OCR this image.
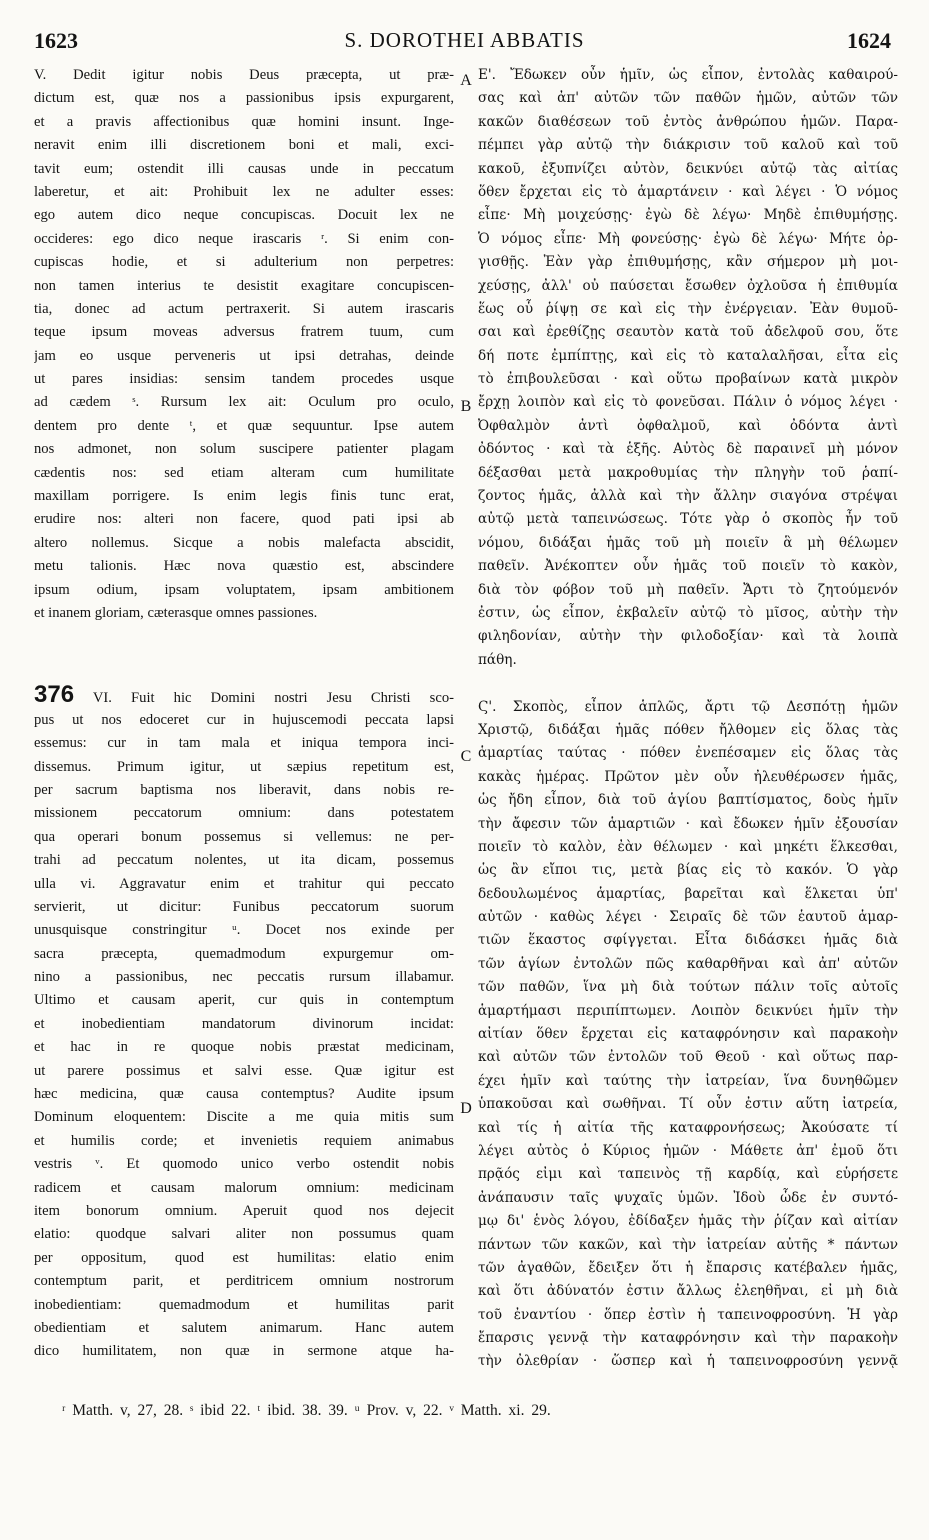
1623	S. DOROTHEI ABBATIS	1624
A
B
C
D
V. Dedit igitur nobis Deus præcepta, ut præ-
dictum est, quæ nos a passionibus ipsis expurgarent,
et a pravis affectionibus quæ homini insunt. Inge-
neravit enim illi discretionem boni et mali, exci-
tavit eum; ostendit illi causas unde in peccatum
laberetur, et ait: Prohibuit lex ne adulter esses:
ego autem dico neque concupiscas. Docuit lex ne
occideres: ego dico neque irascaris ʳ. Si enim con-
cupiscas hodie, et si adulterium non perpetres:
non tamen interius te desistit exagitare concupiscen-
tia, donec ad actum pertraxerit. Si autem irascaris
teque ipsum moveas adversus fratrem tuum, cum
jam eo usque perveneris ut ipsi detrahas, deinde
ut pares insidias: sensim tandem procedes usque
ad cædem ˢ. Rursum lex ait: Oculum pro oculo,
dentem pro dente ᵗ, et quæ sequuntur. Ipse autem
nos admonet, non solum suscipere patienter plagam
cædentis nos: sed etiam alteram cum humilitate
maxillam porrigere. Is enim legis finis tunc erat,
erudire nos: alteri non facere, quod pati ipsi ab
altero nollemus. Sicque a nobis malefacta abscidit,
metu talionis. Hæc nova quæstio est, abscindere
ipsum odium, ipsam voluptatem, ipsam ambitionem
et inanem gloriam, cæterasque omnes passiones.
376 VI. Fuit hic Domini nostri Jesu Christi sco-
pus ut nos edoceret cur in hujuscemodi peccata lapsi
essemus: cur in tam mala et iniqua tempora inci-
dissemus. Primum igitur, ut sæpius repetitum est,
per sacrum baptisma nos liberavit, dans nobis re-
missionem peccatorum omnium: dans potestatem
qua operari bonum possemus si vellemus: ne per-
trahi ad peccatum nolentes, ut ita dicam, possemus
ulla vi. Aggravatur enim et trahitur qui peccato
servierit, ut dicitur: Funibus peccatorum suorum
unusquisque constringitur ᵘ. Docet nos exinde per
sacra præcepta, quemadmodum expurgemur om-
nino a passionibus, nec peccatis rursum illabamur.
Ultimo et causam aperit, cur quis in contemptum
et inobedientiam mandatorum divinorum incidat:
et hac in re quoque nobis præstat medicinam,
ut parere possimus et salvi esse. Quæ igitur est
hæc medicina, quæ causa contemptus? Audite ipsum
Dominum eloquentem: Discite a me quia mitis sum
et humilis corde; et invenietis requiem animabus
vestris ᵛ. Et quomodo unico verbo ostendit nobis
radicem et causam malorum omnium: medicinam
item bonorum omnium. Aperuit quod nos dejecit
elatio: quodque salvari aliter non possumus quam
per oppositum, quod est humilitas: elatio enim
contemptum parit, et perditricem omnium nostrorum
inobedientiam: quemadmodum et humilitas parit
obedientiam et salutem animarum. Hanc autem
dico humilitatem, non quæ in sermone atque ha-
Ε'. Ἔδωκεν οὖν ἡμῖν, ὡς εἶπον, ἐντολὰς καθαιρού-
σας καὶ ἀπ' αὐτῶν τῶν παθῶν ἡμῶν, αὐτῶν τῶν
κακῶν διαθέσεων τοῦ ἐντὸς ἀνθρώπου ἡμῶν. Παρα-
πέμπει γὰρ αὐτῷ τὴν διάκρισιν τοῦ καλοῦ καὶ τοῦ
κακοῦ, ἐξυπνίζει αὐτὸν, δεικνύει αὐτῷ τὰς αἰτίας
ὅθεν ἔρχεται εἰς τὸ ἁμαρτάνειν · καὶ λέγει · Ὁ νόμος
εἶπε· Μὴ μοιχεύσῃς· ἐγὼ δὲ λέγω· Μηδὲ ἐπιθυμήσῃς.
Ὁ νόμος εἶπε· Μὴ φονεύσῃς· ἐγὼ δὲ λέγω· Μήτε ὀρ-
γισθῇς. Ἐὰν γὰρ ἐπιθυμήσῃς, κἂν σήμερον μὴ μοι-
χεύσῃς, ἀλλ' οὐ παύσεται ἔσωθεν ὀχλοῦσα ἡ ἐπιθυμία
ἕως οὗ ῥίψῃ σε καὶ εἰς τὴν ἐνέργειαν. Ἐὰν θυμοῦ-
σαι καὶ ἐρεθίζῃς σεαυτὸν κατὰ τοῦ ἀδελφοῦ σου, ὅτε
δή ποτε ἐμπίπτῃς, καὶ εἰς τὸ καταλαλῆσαι, εἶτα εἰς
τὸ ἐπιβουλεῦσαι · καὶ οὕτω προβαίνων κατὰ μικρὸν
ἔρχῃ λοιπὸν καὶ εἰς τὸ φονεῦσαι. Πάλιν ὁ νόμος λέγει ·
Ὀφθαλμὸν ἀντὶ ὀφθαλμοῦ, καὶ ὀδόντα ἀντὶ
ὀδόντος · καὶ τὰ ἑξῆς. Αὐτὸς δὲ παραινεῖ μὴ μόνον
δέξασθαι μετὰ μακροθυμίας τὴν πληγὴν τοῦ ῥαπί-
ζοντος ἡμᾶς, ἀλλὰ καὶ τὴν ἄλλην σιαγόνα στρέψαι
αὐτῷ μετὰ ταπεινώσεως. Τότε γὰρ ὁ σκοπὸς ἦν τοῦ
νόμου, διδάξαι ἡμᾶς τοῦ μὴ ποιεῖν ἃ μὴ θέλωμεν
παθεῖν. Ἀνέκοπτεν οὖν ἡμᾶς τοῦ ποιεῖν τὸ κακὸν,
διὰ τὸν φόβον τοῦ μὴ παθεῖν. Ἄρτι τὸ ζητούμενόν
ἐστιν, ὡς εἶπον, ἐκβαλεῖν αὐτῷ τὸ μῖσος, αὐτὴν τὴν
φιληδονίαν, αὐτὴν τὴν φιλοδοξίαν· καὶ τὰ λοιπὰ
πάθη.
Ϛ'. Σκοπὸς, εἶπον ἁπλῶς, ἄρτι τῷ Δεσπότῃ ἡμῶν
Χριστῷ, διδάξαι ἡμᾶς πόθεν ἤλθομεν εἰς ὅλας τὰς
ἁμαρτίας ταύτας · πόθεν ἐνεπέσαμεν εἰς ὅλας τὰς
κακὰς ἡμέρας. Πρῶτον μὲν οὖν ἠλευθέρωσεν ἡμᾶς,
ὡς ἤδη εἶπον, διὰ τοῦ ἁγίου βαπτίσματος, δοὺς ἡμῖν
τὴν ἄφεσιν τῶν ἁμαρτιῶν · καὶ ἔδωκεν ἡμῖν ἐξουσίαν
ποιεῖν τὸ καλὸν, ἐὰν θέλωμεν · καὶ μηκέτι ἕλκεσθαι,
ὡς ἂν εἴποι τις, μετὰ βίας εἰς τὸ κακόν. Ὁ γὰρ
δεδουλωμένος ἁμαρτίας, βαρεῖται καὶ ἕλκεται ὑπ'
αὐτῶν · καθὼς λέγει · Σειραῖς δὲ τῶν ἑαυτοῦ ἁμαρ-
τιῶν ἕκαστος σφίγγεται. Εἶτα διδάσκει ἡμᾶς διὰ
τῶν ἁγίων ἐντολῶν πῶς καθαρθῆναι καὶ ἀπ' αὐτῶν
τῶν παθῶν, ἵνα μὴ διὰ τούτων πάλιν τοῖς αὐτοῖς
ἁμαρτήμασι περιπίπτωμεν. Λοιπὸν δεικνύει ἡμῖν τὴν
αἰτίαν ὅθεν ἔρχεται εἰς καταφρόνησιν καὶ παρακοὴν
καὶ αὐτῶν τῶν ἐντολῶν τοῦ Θεοῦ · καὶ οὕτως παρ-
έχει ἡμῖν καὶ ταύτης τὴν ἰατρείαν, ἵνα δυνηθῶμεν
ὑπακοῦσαι καὶ σωθῆναι. Τί οὖν ἐστιν αὕτη ἰατρεία,
καὶ τίς ἡ αἰτία τῆς καταφρονήσεως; Ἀκούσατε τί
λέγει αὐτὸς ὁ Κύριος ἡμῶν · Μάθετε ἀπ' ἐμοῦ ὅτι
πρᾷός εἰμι καὶ ταπεινὸς τῇ καρδίᾳ, καὶ εὑρήσετε
ἀνάπαυσιν ταῖς ψυχαῖς ὑμῶν. Ἰδοὺ ὧδε ἐν συντό-
μῳ δι' ἑνὸς λόγου, ἐδίδαξεν ἡμᾶς τὴν ῥίζαν καὶ αἰτίαν
πάντων τῶν κακῶν, καὶ τὴν ἰατρείαν αὐτῆς * πάντων
τῶν ἀγαθῶν, ἔδειξεν ὅτι ἡ ἔπαρσις κατέβαλεν ἡμᾶς,
καὶ ὅτι ἀδύνατόν ἐστιν ἄλλως ἐλεηθῆναι, εἰ μὴ διὰ
τοῦ ἐναντίου · ὅπερ ἐστὶν ἡ ταπεινοφροσύνη. Ἡ γὰρ
ἔπαρσις γεννᾷ τὴν καταφρόνησιν καὶ τὴν παρακοὴν
τὴν ὀλεθρίαν · ὥσπερ καὶ ἡ ταπεινοφροσύνη γεννᾷ
ʳ Matth. v, 27, 28. ˢ ibid 22. ᵗ ibid. 38. 39. ᵘ Prov. v, 22. ᵛ Matth. xi. 29.
